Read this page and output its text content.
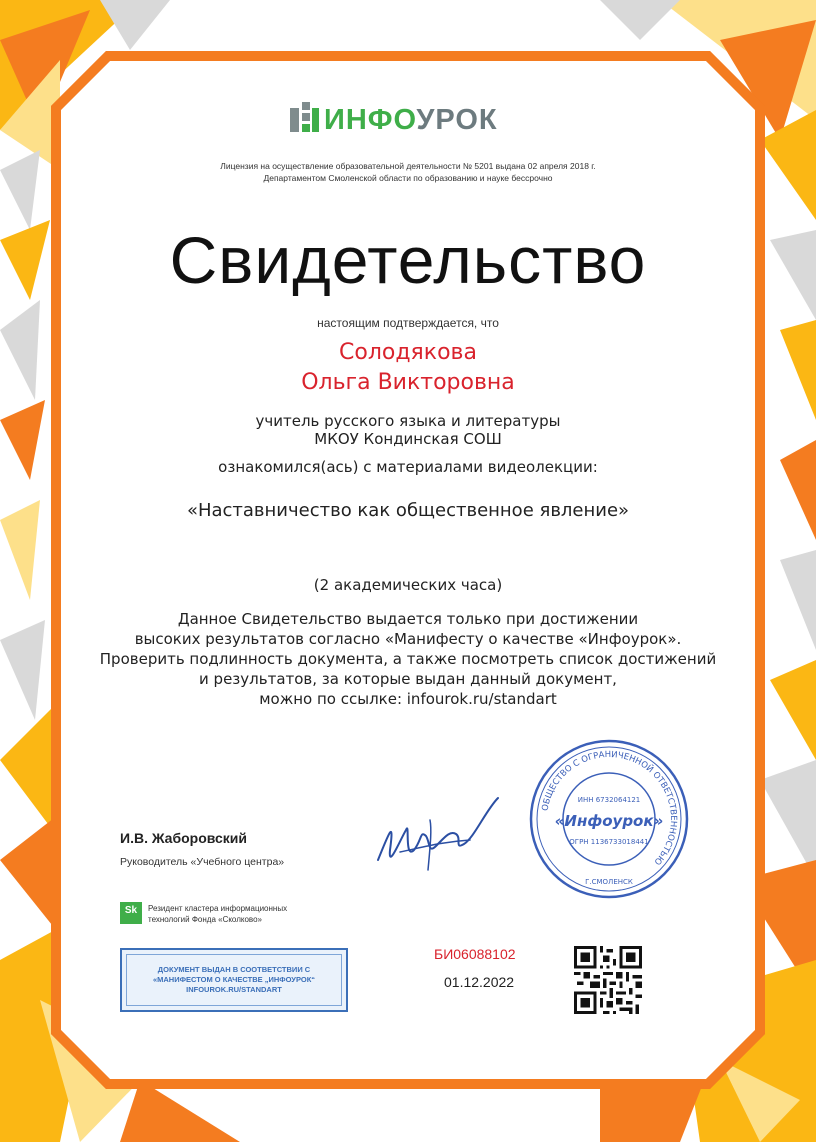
ИНФОУРОК
Лицензия на осуществление образовательной деятельности № 5201 выдана 02 апреля 2018 г.
Департаментом Смоленской области по образованию и науке бессрочно
Свидетельство
настоящим подтверждается, что
Солодякова
Ольга Викторовна
учитель русского языка и литературы
МКОУ Кондинская СОШ
ознакомился(ась) с материалами видеолекции:
«Наставничество как общественное явление»
(2 академических часа)
Данное Свидетельство выдается только при достижении
высоких результатов согласно «Манифесту о качестве «Инфоурок».
Проверить подлинность документа, а также посмотреть список достижений
и результатов, за которые выдан данный документ,
можно по ссылке: infourok.ru/standart
И.В. Жаборовский
Руководитель «Учебного центра»
ОБЩЕСТВО С ОГРАНИЧЕННОЙ ОТВЕТСТВЕННОСТЬЮ
ИНН 6732064121
«Инфоурок»
ОГРН 1136733018441
Г.СМОЛЕНСК
Sk	Резидент кластера информационных
технологий Фонда «Сколково»
ДОКУМЕНТ ВЫДАН В СООТВЕТСТВИИ С
«МАНИФЕСТОМ О КАЧЕСТВЕ „ИНФОУРОК“
INFOUROK.RU/STANDART
БИ06088102
01.12.2022
